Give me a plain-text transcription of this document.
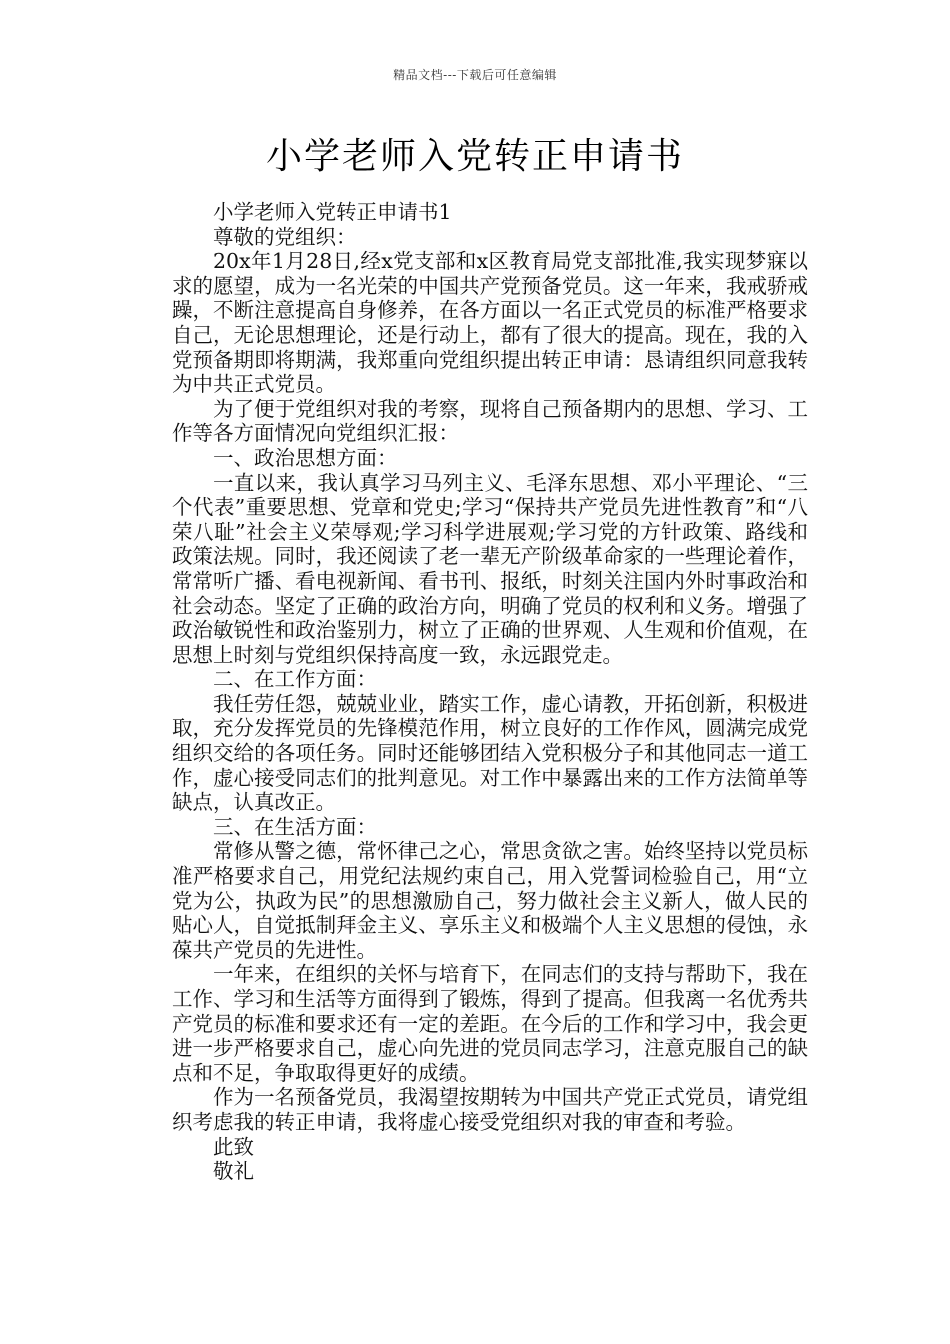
精品文档---下载后可任意编辑
小学老师入党转正申请书

小学老师入党转正申请书1

尊敬的党组织：

20x年1月28日,经x党支部和x区教育局党支部批准,我实现梦寐以求的愿望，成为一名光荣的中国共产党预备党员。这一年来，我戒骄戒躁，不断注意提高自身修养，在各方面以一名正式党员的标准严格要求自己，无论思想理论，还是行动上，都有了很大的提高。现在，我的入党预备期即将期满，我郑重向党组织提出转正申请：恳请组织同意我转为中共正式党员。

为了便于党组织对我的考察，现将自己预备期内的思想、学习、工作等各方面情况向党组织汇报：

一、政治思想方面：

一直以来，我认真学习马列主义、毛泽东思想、邓小平理论、“三个代表”重要思想、党章和党史;学习“保持共产党员先进性教育”和“八荣八耻”社会主义荣辱观;学习科学进展观;学习党的方针政策、路线和政策法规。同时，我还阅读了老一辈无产阶级革命家的一些理论着作，常常听广播、看电视新闻、看书刊、报纸，时刻关注国内外时事政治和社会动态。坚定了正确的政治方向，明确了党员的权利和义务。增强了政治敏锐性和政治鉴别力，树立了正确的世界观、人生观和价值观，在思想上时刻与党组织保持高度一致，永远跟党走。

二、在工作方面：

我任劳任怨，兢兢业业，踏实工作，虚心请教，开拓创新，积极进取，充分发挥党员的先锋模范作用，树立良好的工作作风，圆满完成党组织交给的各项任务。同时还能够团结入党积极分子和其他同志一道工作，虚心接受同志们的批判意见。对工作中暴露出来的工作方法简单等缺点，认真改正。

三、在生活方面：

常修从警之德，常怀律己之心，常思贪欲之害。始终坚持以党员标准严格要求自己，用党纪法规约束自己，用入党誓词检验自己，用“立党为公，执政为民”的思想激励自己，努力做社会主义新人，做人民的贴心人，自觉抵制拜金主义、享乐主义和极端个人主义思想的侵蚀，永葆共产党员的先进性。

一年来，在组织的关怀与培育下，在同志们的支持与帮助下，我在工作、学习和生活等方面得到了锻炼，得到了提高。但我离一名优秀共产党员的标准和要求还有一定的差距。在今后的工作和学习中，我会更进一步严格要求自己，虚心向先进的党员同志学习，注意克服自己的缺点和不足，争取取得更好的成绩。

作为一名预备党员，我渴望按期转为中国共产党正式党员，请党组织考虑我的转正申请，我将虚心接受党组织对我的审查和考验。

此致

敬礼
